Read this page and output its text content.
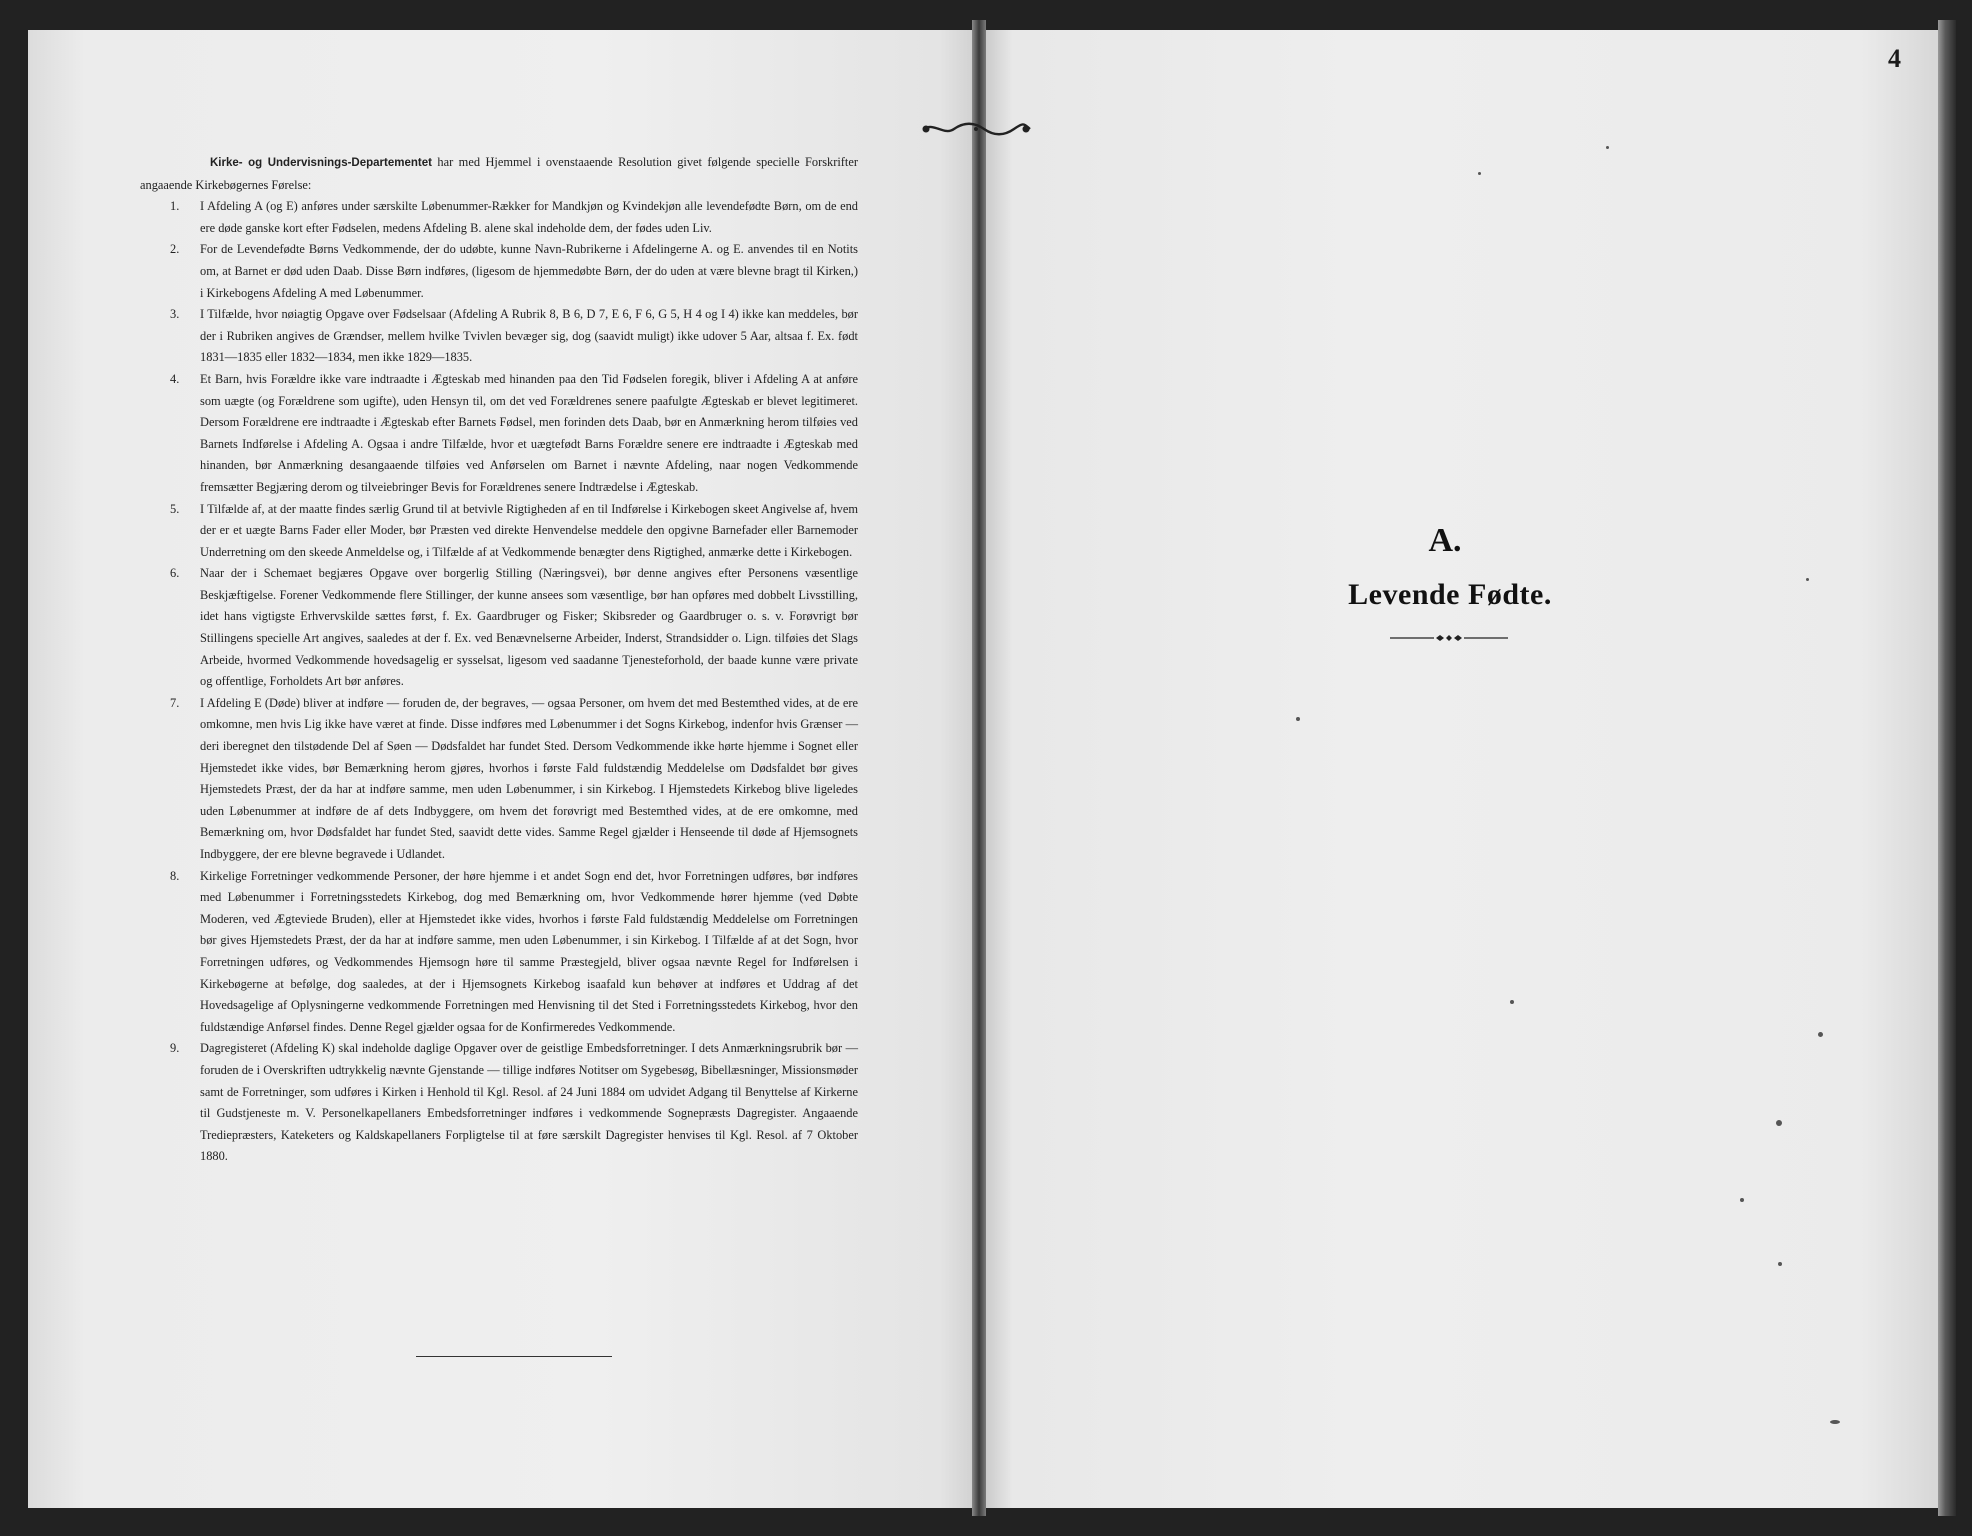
4

Kirke- og Undervisnings-Departementet har med Hjemmel i ovenstaaende Resolution givet følgende specielle Forskrifter angaaende Kirkebøgernes Førelse:

1. I Afdeling A (og E) anføres under særskilte Løbenummer-Rækker for Mandkjøn og Kvindekjøn alle levendefødte Børn, om de end ere døde ganske kort efter Fødselen, medens Afdeling B. alene skal indeholde dem, der fødes uden Liv.
2. For de Levendefødte Børns Vedkommende, der do udøbte, kunne Navn-Rubrikerne i Afdelingerne A. og E. anvendes til en Notits om, at Barnet er død uden Daab. Disse Børn indføres, (ligesom de hjemmedøbte Børn, der do uden at være blevne bragt til Kirken,) i Kirkebogens Afdeling A med Løbenummer.
3. I Tilfælde, hvor nøiagtig Opgave over Fødselsaar (Afdeling A Rubrik 8, B 6, D 7, E 6, F 6, G 5, H 4 og I 4) ikke kan meddeles, bør der i Rubriken angives de Grændser, mellem hvilke Tvivlen bevæger sig, dog (saavidt muligt) ikke udover 5 Aar, altsaa f. Ex. født 1831—1835 eller 1832—1834, men ikke 1829—1835.
4. Et Barn, hvis Forældre ikke vare indtraadte i Ægteskab med hinanden paa den Tid Fødselen foregik, bliver i Afdeling A at anføre som uægte (og Forældrene som ugifte), uden Hensyn til, om det ved Forældrenes senere paafulgte Ægteskab er blevet legitimeret. Dersom Forældrene ere indtraadte i Ægteskab efter Barnets Fødsel, men forinden dets Daab, bør en Anmærkning herom tilføies ved Barnets Indførelse i Afdeling A. Ogsaa i andre Tilfælde, hvor et uægtefødt Barns Forældre senere ere indtraadte i Ægteskab med hinanden, bør Anmærkning desangaaende tilføies ved Anførselen om Barnet i nævnte Afdeling, naar nogen Vedkommende fremsætter Begjæring derom og tilveiebringer Bevis for Forældrenes senere Indtrædelse i Ægteskab.
5. I Tilfælde af, at der maatte findes særlig Grund til at betvivle Rigtigheden af en til Indførelse i Kirkebogen skeet Angivelse af, hvem der er et uægte Barns Fader eller Moder, bør Præsten ved direkte Henvendelse meddele den opgivne Barnefader eller Barnemoder Underretning om den skeede Anmeldelse og, i Tilfælde af at Vedkommende benægter dens Rigtighed, anmærke dette i Kirkebogen.
6. Naar der i Schemaet begjæres Opgave over borgerlig Stilling (Næringsvei), bør denne angives efter Personens væsentlige Beskjæftigelse. Forener Vedkommende flere Stillinger, der kunne ansees som væsentlige, bør han opføres med dobbelt Livsstilling, idet hans vigtigste Erhvervskilde sættes først, f. Ex. Gaardbruger og Fisker; Skibsreder og Gaardbruger o. s. v. Forøvrigt bør Stillingens specielle Art angives, saaledes at der f. Ex. ved Benævnelserne Arbeider, Inderst, Strandsidder o. Lign. tilføies det Slags Arbeide, hvormed Vedkommende hovedsagelig er sysselsat, ligesom ved saadanne Tjenesteforhold, der baade kunne være private og offentlige, Forholdets Art bør anføres.
7. I Afdeling E (Døde) bliver at indføre — foruden de, der begraves, — ogsaa Personer, om hvem det med Bestemthed vides, at de ere omkomne, men hvis Lig ikke have været at finde. Disse indføres med Løbenummer i det Sogns Kirkebog, indenfor hvis Grænser — deri iberegnet den tilstødende Del af Søen — Dødsfaldet har fundet Sted. Dersom Vedkommende ikke hørte hjemme i Sognet eller Hjemstedet ikke vides, bør Bemærkning herom gjøres, hvorhos i første Fald fuldstændig Meddelelse om Dødsfaldet bør gives Hjemstedets Præst, der da har at indføre samme, men uden Løbenummer, i sin Kirkebog. I Hjemstedets Kirkebog blive ligeledes uden Løbenummer at indføre de af dets Indbyggere, om hvem det forøvrigt med Bestemthed vides, at de ere omkomne, med Bemærkning om, hvor Dødsfaldet har fundet Sted, saavidt dette vides. Samme Regel gjælder i Henseende til døde af Hjemsognets Indbyggere, der ere blevne begravede i Udlandet.
8. Kirkelige Forretninger vedkommende Personer, der høre hjemme i et andet Sogn end det, hvor Forretningen udføres, bør indføres med Løbenummer i Forretningsstedets Kirkebog, dog med Bemærkning om, hvor Vedkommende hører hjemme (ved Døbte Moderen, ved Ægteviede Bruden), eller at Hjemstedet ikke vides, hvorhos i første Fald fuldstændig Meddelelse om Forretningen bør gives Hjemstedets Præst, der da har at indføre samme, men uden Løbenummer, i sin Kirkebog. I Tilfælde af at det Sogn, hvor Forretningen udføres, og Vedkommendes Hjemsogn høre til samme Præstegjeld, bliver ogsaa nævnte Regel for Indførelsen i Kirkebøgerne at befølge, dog saaledes, at der i Hjemsognets Kirkebog isaafald kun behøver at indføres et Uddrag af det Hovedsagelige af Oplysningerne vedkommende Forretningen med Henvisning til det Sted i Forretningsstedets Kirkebog, hvor den fuldstændige Anførsel findes. Denne Regel gjælder ogsaa for de Konfirmeredes Vedkommende.
9. Dagregisteret (Afdeling K) skal indeholde daglige Opgaver over de geistlige Embedsforretninger. I dets Anmærkningsrubrik bør — foruden de i Overskriften udtrykkelig nævnte Gjenstande — tillige indføres Notitser om Sygebesøg, Bibellæsninger, Missionsmøder samt de Forretninger, som udføres i Kirken i Henhold til Kgl. Resol. af 24 Juni 1884 om udvidet Adgang til Benyttelse af Kirkerne til Gudstjeneste m. V. Personelkapellaners Embedsforretninger indføres i vedkommende Sognepræsts Dagregister. Angaaende Trediepræsters, Kateketers og Kaldskapellaners Forpligtelse til at føre særskilt Dagregister henvises til Kgl. Resol. af 7 Oktober 1880.
A.
Levende Fødte.
